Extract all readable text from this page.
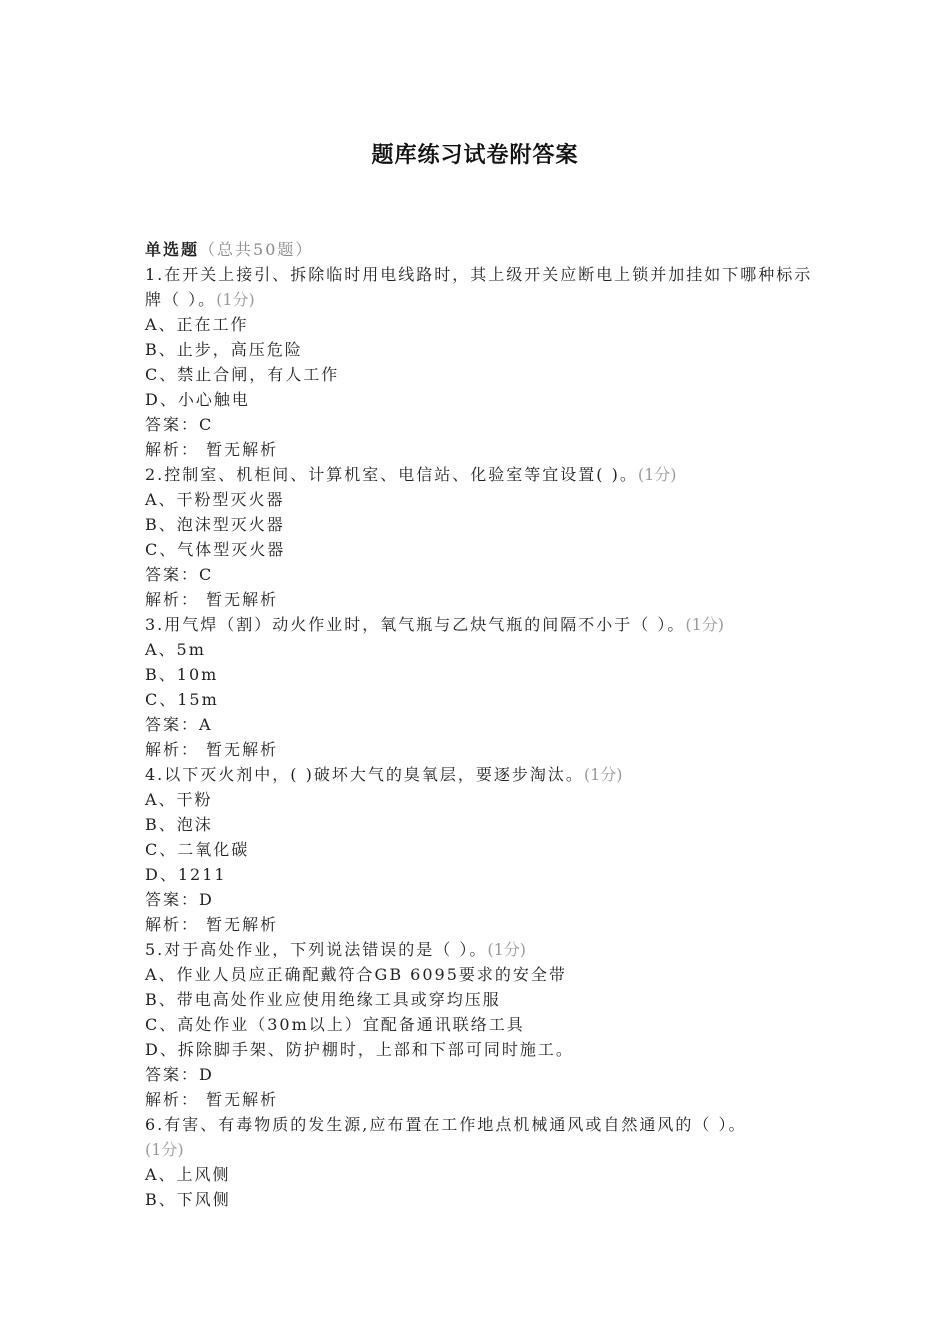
题库练习试卷附答案
单选题（总共50题）
1.在开关上接引、拆除临时用电线路时，其上级开关应断电上锁并加挂如下哪种标示牌（ ）。(1分)
A、正在工作
B、止步，高压危险
C、禁止合闸，有人工作
D、小心触电
答案：C
解析： 暂无解析
2.控制室、机柜间、计算机室、电信站、化验室等宜设置( )。(1分)
A、干粉型灭火器
B、泡沫型灭火器
C、气体型灭火器
答案：C
解析： 暂无解析
3.用气焊（割）动火作业时，氧气瓶与乙炔气瓶的间隔不小于（ ）。(1分)
A、5m
B、10m
C、15m
答案：A
解析： 暂无解析
4.以下灭火剂中，( )破坏大气的臭氧层，要逐步淘汰。(1分)
A、干粉
B、泡沫
C、二氧化碳
D、1211
答案：D
解析： 暂无解析
5.对于高处作业，下列说法错误的是（ ）。(1分)
A、作业人员应正确配戴符合GB 6095要求的安全带
B、带电高处作业应使用绝缘工具或穿均压服
C、高处作业（30m以上）宜配备通讯联络工具
D、拆除脚手架、防护棚时，上部和下部可同时施工。
答案：D
解析： 暂无解析
6.有害、有毒物质的发生源,应布置在工作地点机械通风或自然通风的（ ）。
(1分)
A、上风侧
B、下风侧
